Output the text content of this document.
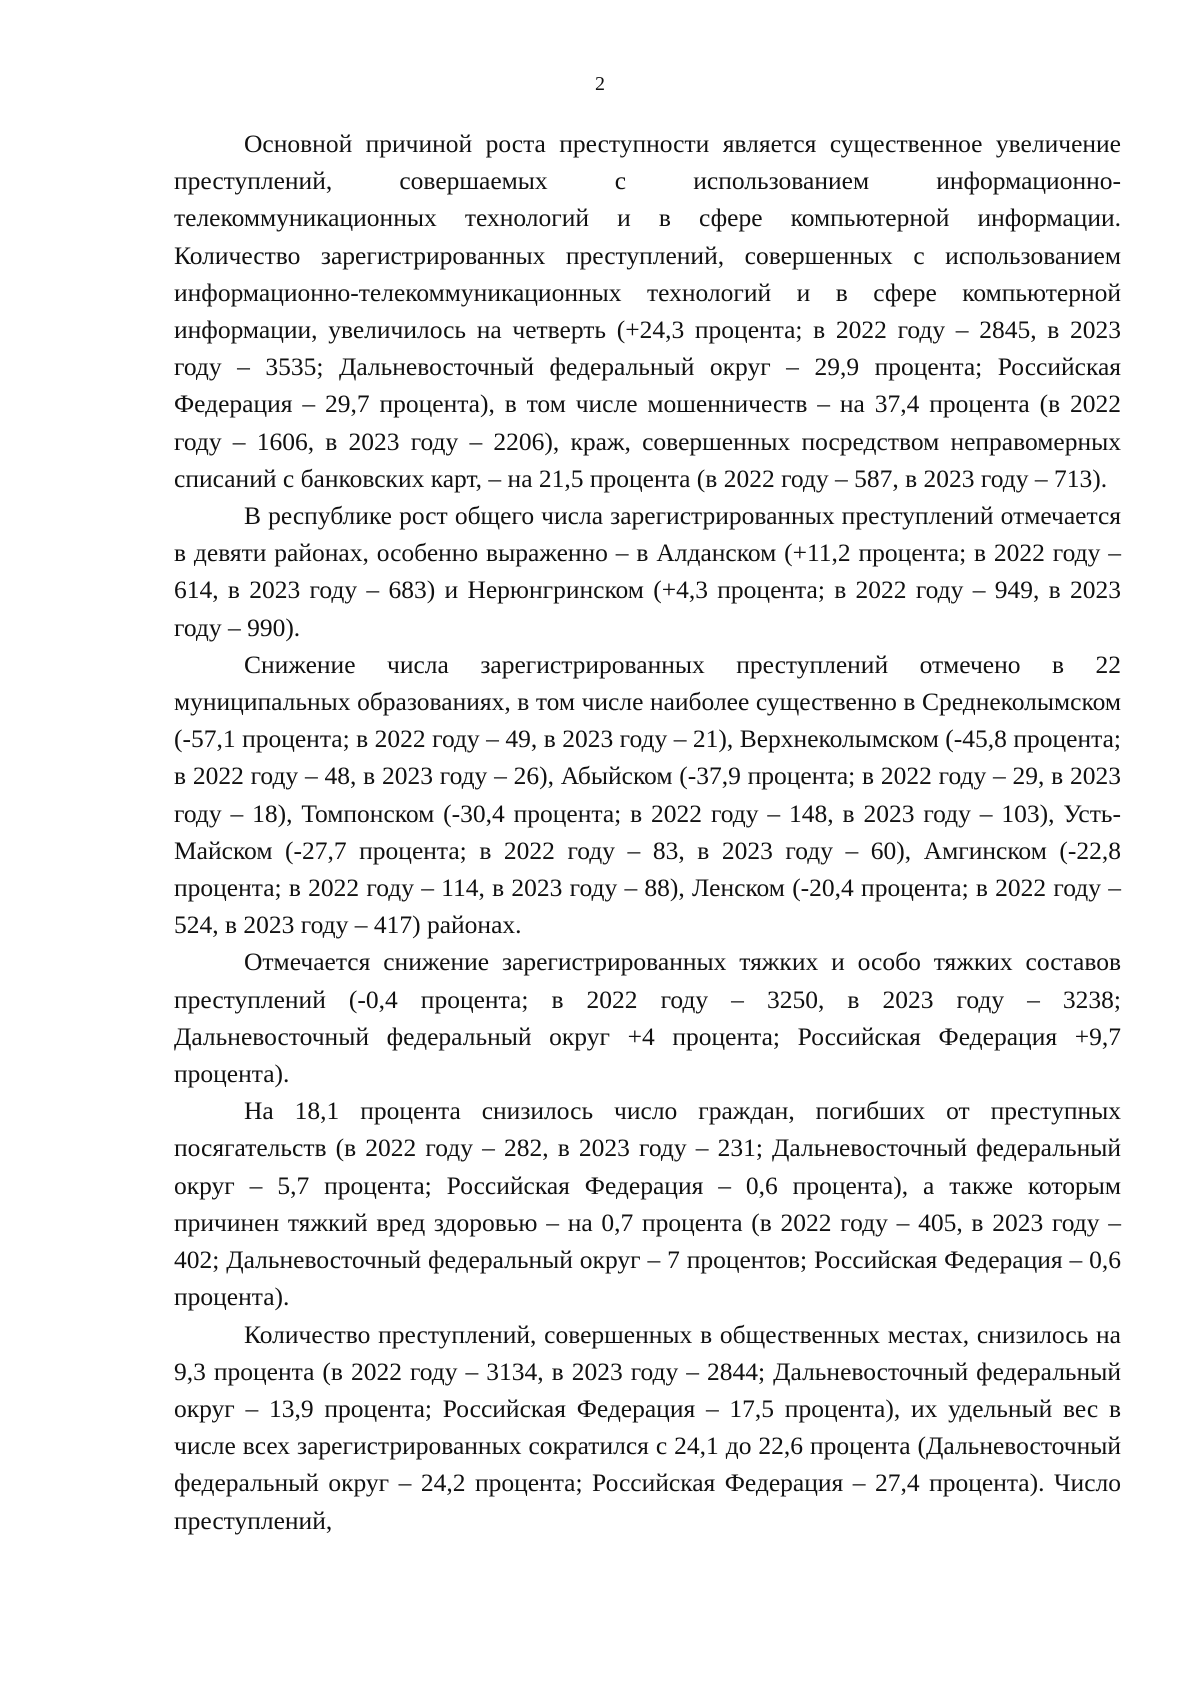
2

Основной причиной роста преступности является существенное увеличение преступлений, совершаемых с использованием информационно-телекоммуникационных технологий и в сфере компьютерной информации. Количество зарегистрированных преступлений, совершенных с использованием информационно-телекоммуникационных технологий и в сфере компьютерной информации, увеличилось на четверть (+24,3 процента; в 2022 году – 2845, в 2023 году – 3535; Дальневосточный федеральный округ – 29,9 процента; Российская Федерация – 29,7 процента), в том числе мошенничеств – на 37,4 процента (в 2022 году – 1606, в 2023 году – 2206), краж, совершенных посредством неправомерных списаний с банковских карт, – на 21,5 процента (в 2022 году – 587, в 2023 году – 713).

В республике рост общего числа зарегистрированных преступлений отмечается в девяти районах, особенно выраженно – в Алданском (+11,2 процента; в 2022 году – 614, в 2023 году – 683) и Нерюнгринском (+4,3 процента; в 2022 году – 949, в 2023 году – 990).

Снижение числа зарегистрированных преступлений отмечено в 22 муниципальных образованиях, в том числе наиболее существенно в Среднеколымском (-57,1 процента; в 2022 году – 49, в 2023 году – 21), Верхнеколымском (-45,8 процента; в 2022 году – 48, в 2023 году – 26), Абыйском (-37,9 процента; в 2022 году – 29, в 2023 году – 18), Томпонском (-30,4 процента; в 2022 году – 148, в 2023 году – 103), Усть-Майском (-27,7 процента; в 2022 году – 83, в 2023 году – 60), Амгинском (-22,8 процента; в 2022 году – 114, в 2023 году – 88), Ленском (-20,4 процента; в 2022 году – 524, в 2023 году – 417) районах.

Отмечается снижение зарегистрированных тяжких и особо тяжких составов преступлений (-0,4 процента; в 2022 году – 3250, в 2023 году – 3238; Дальневосточный федеральный округ +4 процента; Российская Федерация +9,7 процента).

На 18,1 процента снизилось число граждан, погибших от преступных посягательств (в 2022 году – 282, в 2023 году – 231; Дальневосточный федеральный округ – 5,7 процента; Российская Федерация – 0,6 процента), а также которым причинен тяжкий вред здоровью – на 0,7 процента (в 2022 году – 405, в 2023 году – 402; Дальневосточный федеральный округ – 7 процентов; Российская Федерация – 0,6 процента).

Количество преступлений, совершенных в общественных местах, снизилось на 9,3 процента (в 2022 году – 3134, в 2023 году – 2844; Дальневосточный федеральный округ – 13,9 процента; Российская Федерация – 17,5 процента), их удельный вес в числе всех зарегистрированных сократился с 24,1 до 22,6 процента (Дальневосточный федеральный округ – 24,2 процента; Российская Федерация – 27,4 процента). Число преступлений,
